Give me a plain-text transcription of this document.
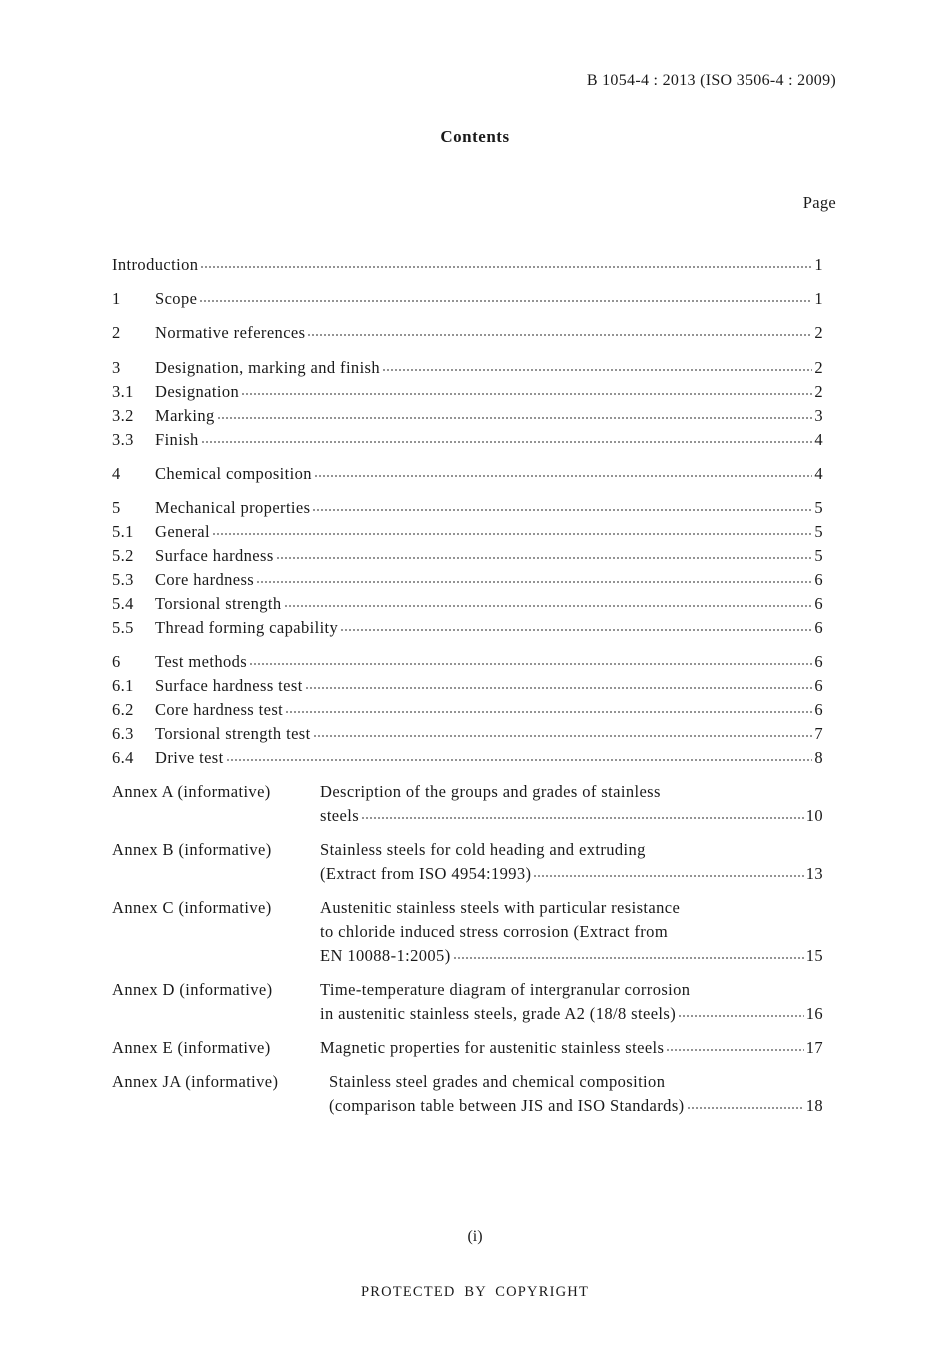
B 1054-4 : 2013 (ISO 3506-4 : 2009)
Contents
Page
Introduction	1
1	Scope	1
2	Normative references	2
3	Designation, marking and finish	2
3.1	Designation	2
3.2	Marking	3
3.3	Finish	4
4	Chemical composition	4
5	Mechanical properties	5
5.1	General	5
5.2	Surface hardness	5
5.3	Core hardness	6
5.4	Torsional strength	6
5.5	Thread forming capability	6
6	Test methods	6
6.1	Surface hardness test	6
6.2	Core hardness test	6
6.3	Torsional strength test	7
6.4	Drive test	8
Annex A (informative)	Description of the groups and grades of stainless
steels	10
Annex B (informative)	Stainless steels for cold heading and extruding
(Extract from ISO 4954:1993)	13
Annex C (informative)	Austenitic stainless steels with particular resistance
to chloride induced stress corrosion (Extract from
EN 10088-1:2005)	15
Annex D (informative)	Time-temperature diagram of intergranular corrosion
in austenitic stainless steels, grade A2 (18/8 steels)	16
Annex E (informative)	Magnetic properties for austenitic stainless steels	17
Annex JA (informative)	Stainless steel grades and chemical composition
(comparison table between JIS and ISO Standards)	18
(i)
PROTECTED BY COPYRIGHT
